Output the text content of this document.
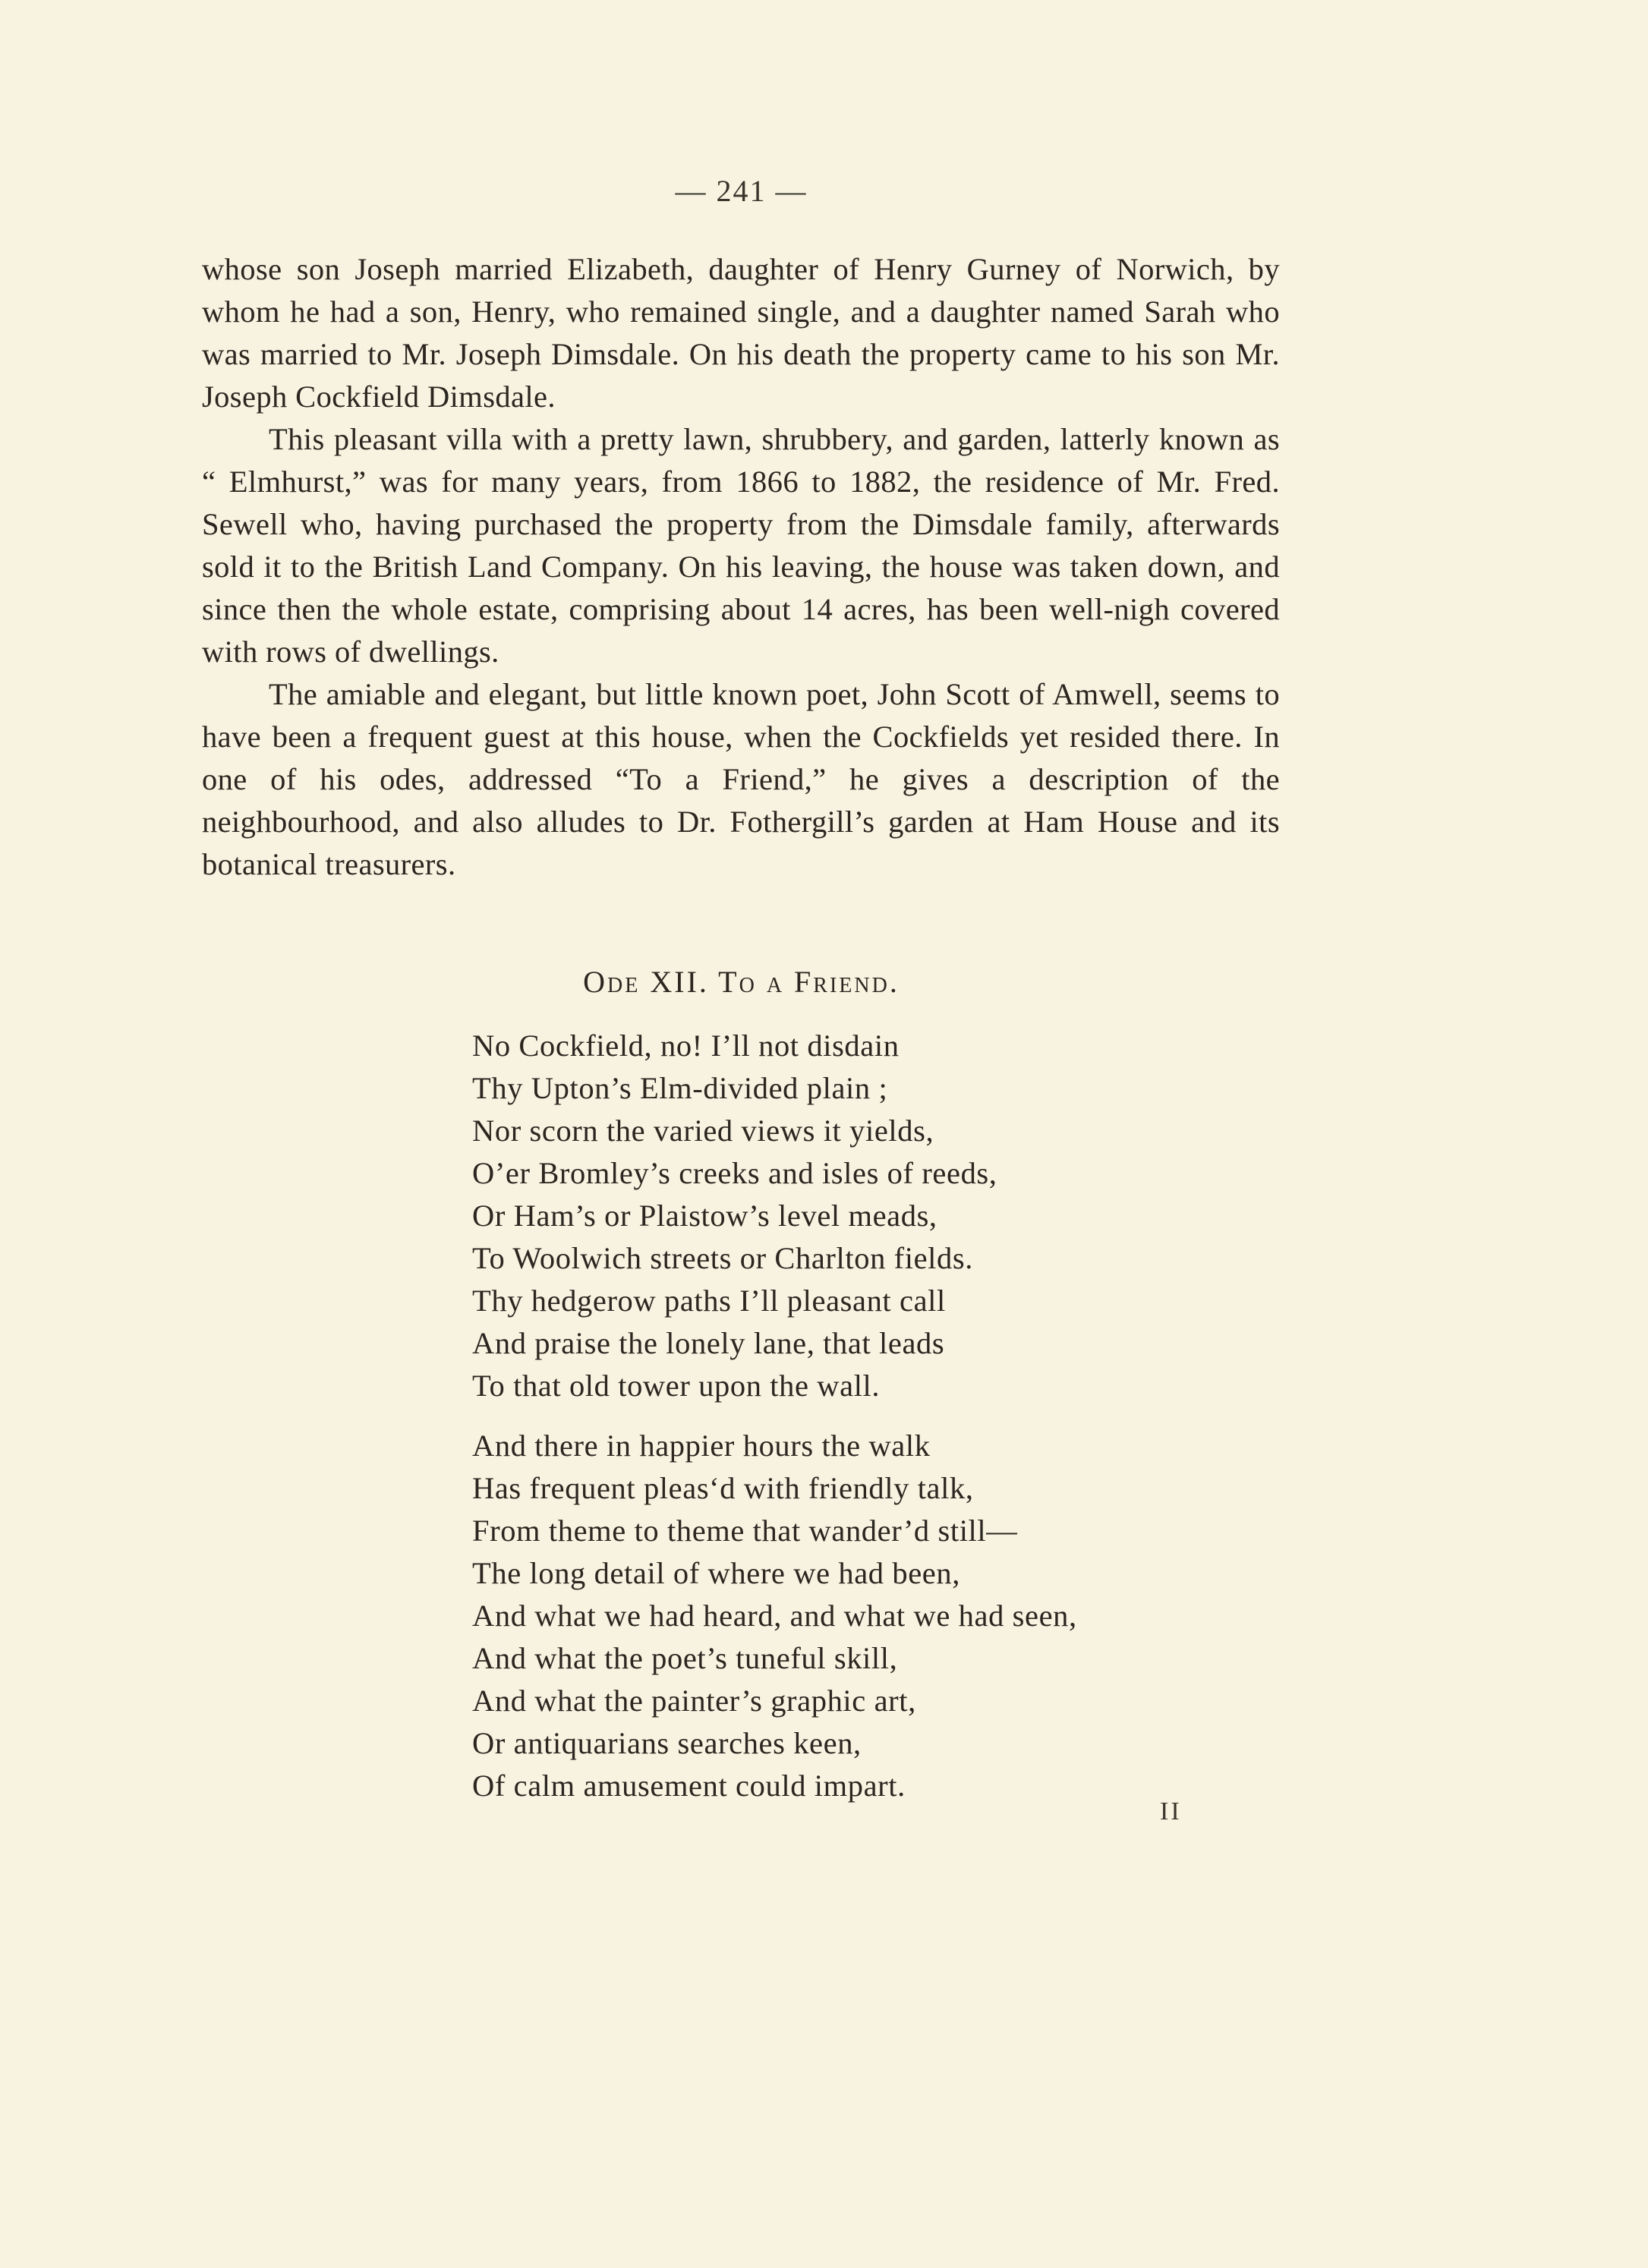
— 241 —

whose son Joseph married Elizabeth, daughter of Henry Gurney of Norwich, by whom he had a son, Henry, who remained single, and a daughter named Sarah who was married to Mr. Joseph Dimsdale. On his death the property came to his son Mr. Joseph Cockfield Dimsdale.

This pleasant villa with a pretty lawn, shrubbery, and garden, latterly known as “ Elmhurst,” was for many years, from 1866 to 1882, the residence of Mr. Fred. Sewell who, having purchased the property from the Dimsdale family, afterwards sold it to the British Land Company. On his leaving, the house was taken down, and since then the whole estate, comprising about 14 acres, has been well-nigh covered with rows of dwellings.

The amiable and elegant, but little known poet, John Scott of Amwell, seems to have been a frequent guest at this house, when the Cockfields yet resided there. In one of his odes, addressed “To a Friend,” he gives a description of the neighbourhood, and also alludes to Dr. Fothergill’s garden at Ham House and its botanical treasurers.

Ode XII. To a Friend.
No Cockfield, no! I’ll not disdain
Thy Upton’s Elm-divided plain ;
Nor scorn the varied views it yields,
O’er Bromley’s creeks and isles of reeds,
Or Ham’s or Plaistow’s level meads,
To Woolwich streets or Charlton fields.
Thy hedgerow paths I’ll pleasant call
And praise the lonely lane, that leads
To that old tower upon the wall.
And there in happier hours the walk
Has frequent pleas‘d with friendly talk,
From theme to theme that wander’d still—
The long detail of where we had been,
And what we had heard, and what we had seen,
And what the poet’s tuneful skill,
And what the painter’s graphic art,
Or antiquarians searches keen,
Of calm amusement could impart.
II
